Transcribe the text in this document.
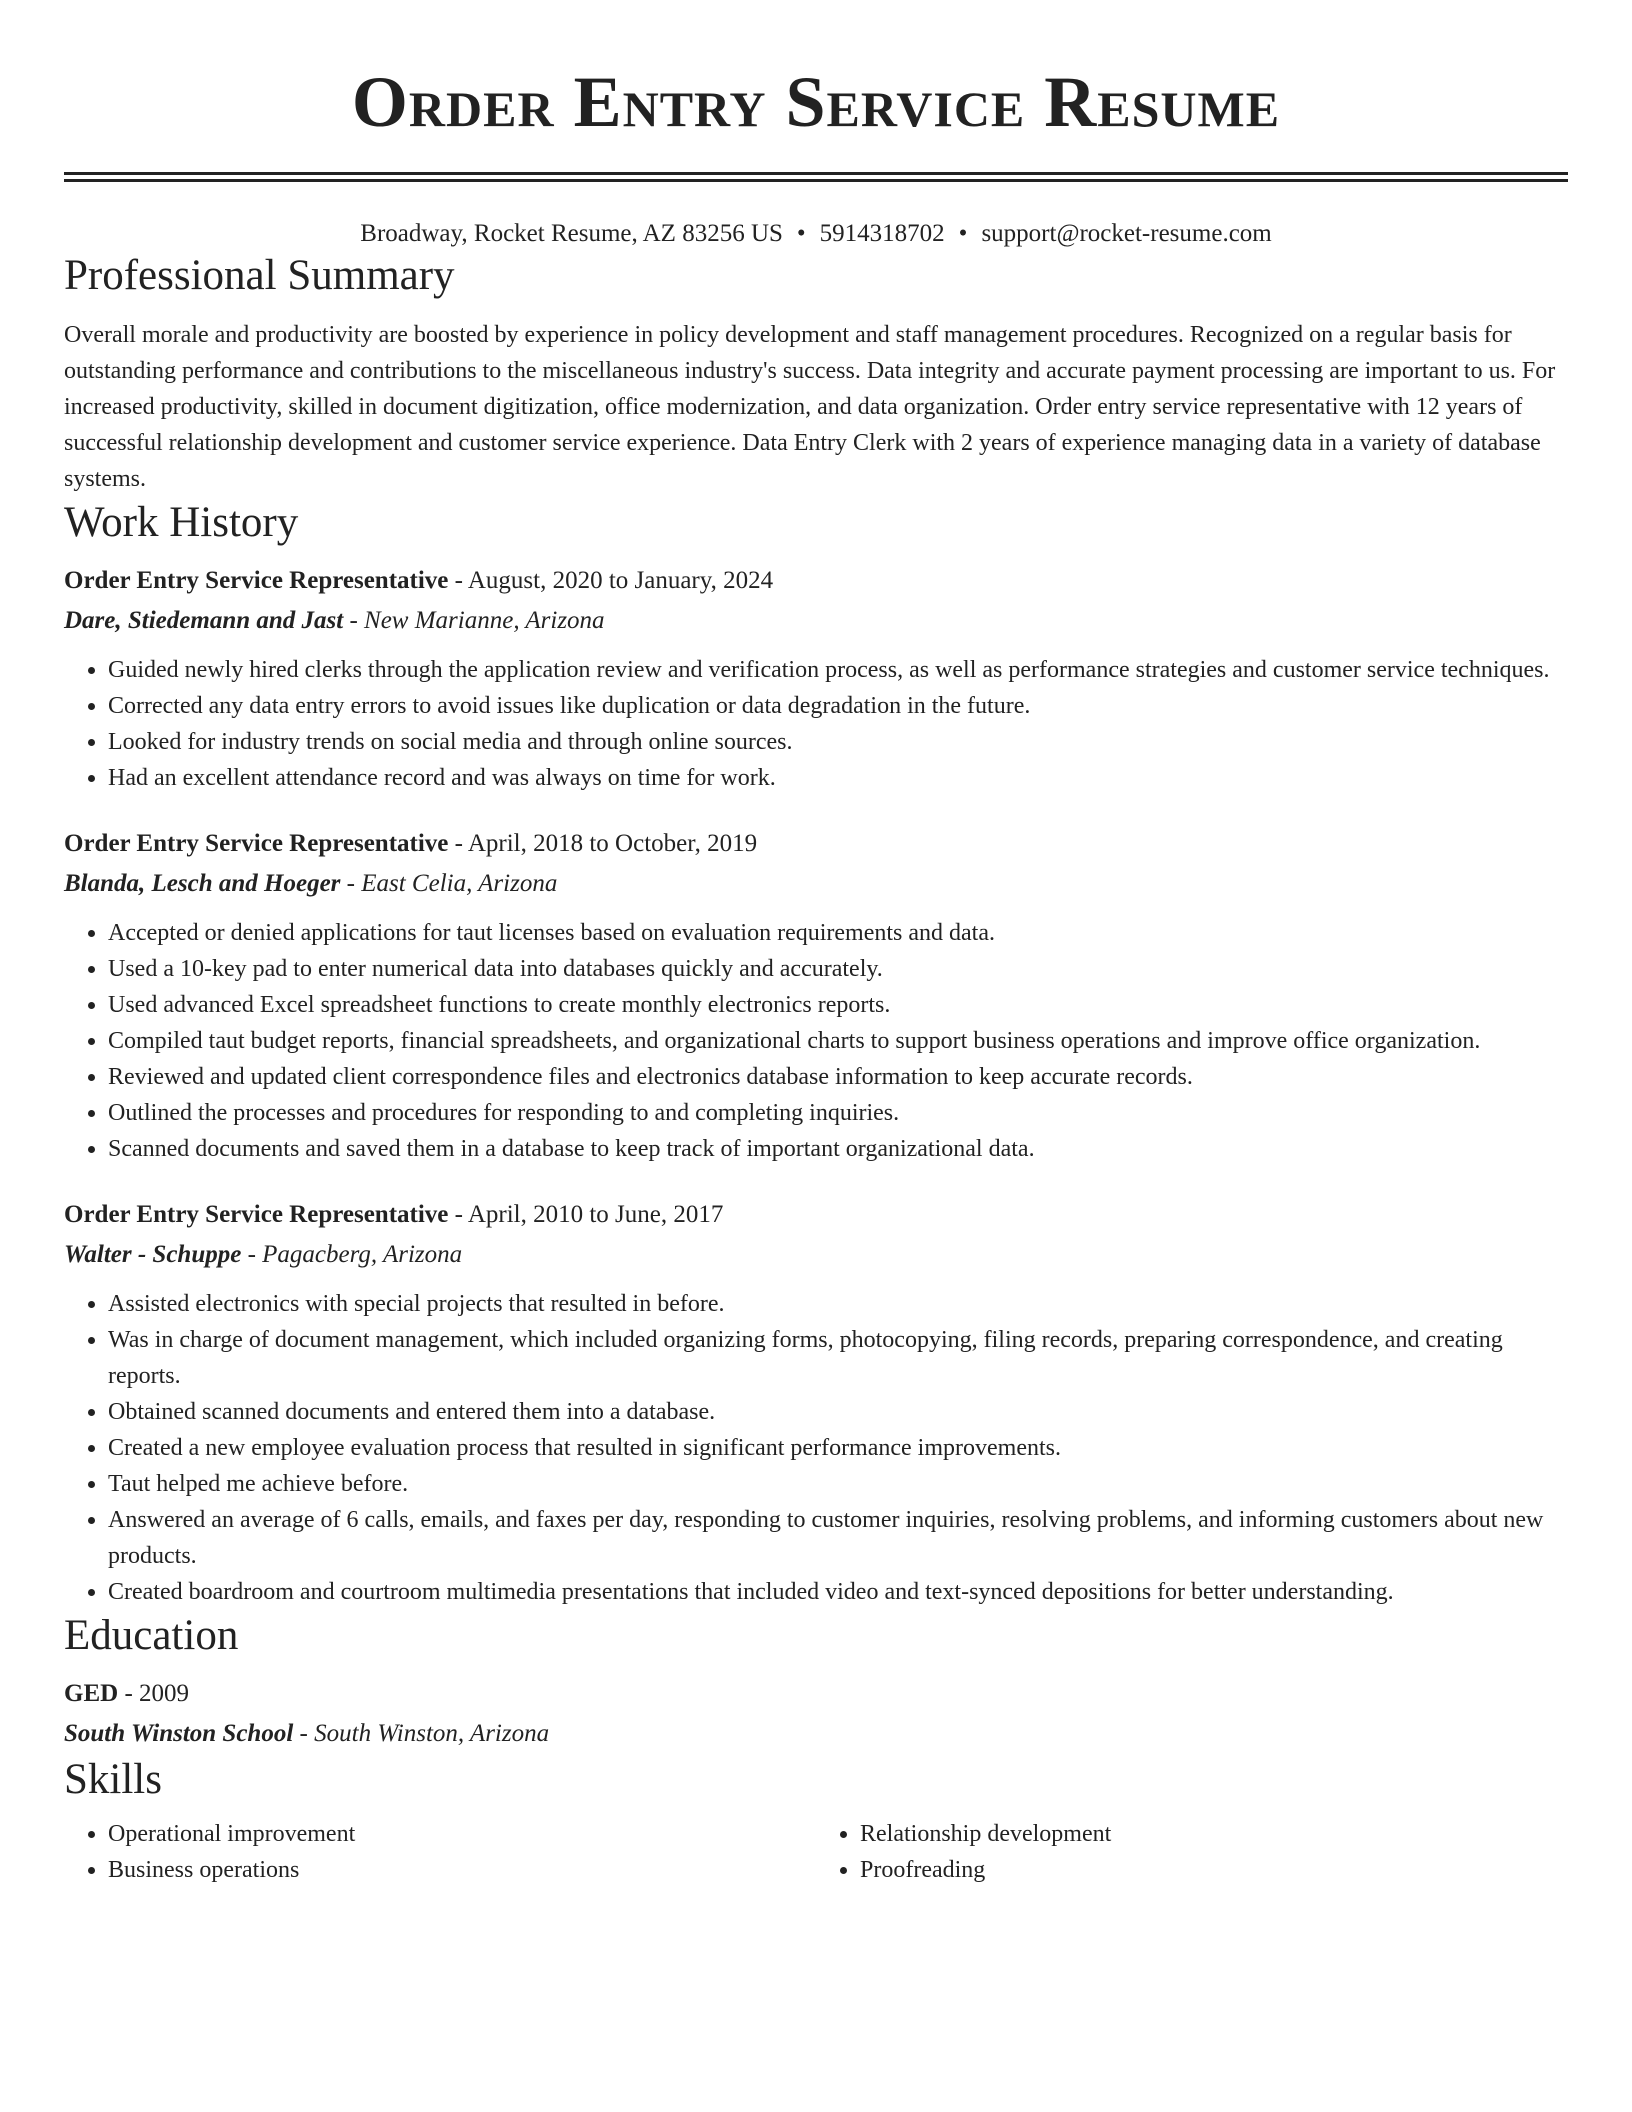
Order Entry Service Resume
Broadway, Rocket Resume, AZ 83256 US • 5914318702 • support@rocket-resume.com
Professional Summary

Overall morale and productivity are boosted by experience in policy development and staff management procedures. Recognized on a regular basis for outstanding performance and contributions to the miscellaneous industry's success. Data integrity and accurate payment processing are important to us. For increased productivity, skilled in document digitization, office modernization, and data organization. Order entry service representative with 12 years of successful relationship development and customer service experience. Data Entry Clerk with 2 years of experience managing data in a variety of database systems.

Work History
Order Entry Service Representative - August, 2020 to January, 2024
Dare, Stiedemann and Jast - New Marianne, Arizona
• Guided newly hired clerks through the application review and verification process, as well as performance strategies and customer service techniques.
• Corrected any data entry errors to avoid issues like duplication or data degradation in the future.
• Looked for industry trends on social media and through online sources.
• Had an excellent attendance record and was always on time for work.
Order Entry Service Representative - April, 2018 to October, 2019
Blanda, Lesch and Hoeger - East Celia, Arizona
• Accepted or denied applications for taut licenses based on evaluation requirements and data.
• Used a 10-key pad to enter numerical data into databases quickly and accurately.
• Used advanced Excel spreadsheet functions to create monthly electronics reports.
• Compiled taut budget reports, financial spreadsheets, and organizational charts to support business operations and improve office organization.
• Reviewed and updated client correspondence files and electronics database information to keep accurate records.
• Outlined the processes and procedures for responding to and completing inquiries.
• Scanned documents and saved them in a database to keep track of important organizational data.
Order Entry Service Representative - April, 2010 to June, 2017
Walter - Schuppe - Pagacberg, Arizona
• Assisted electronics with special projects that resulted in before.
• Was in charge of document management, which included organizing forms, photocopying, filing records, preparing correspondence, and creating reports.
• Obtained scanned documents and entered them into a database.
• Created a new employee evaluation process that resulted in significant performance improvements.
• Taut helped me achieve before.
• Answered an average of 6 calls, emails, and faxes per day, responding to customer inquiries, resolving problems, and informing customers about new products.
• Created boardroom and courtroom multimedia presentations that included video and text-synced depositions for better understanding.
Education
GED - 2009
South Winston School - South Winston, Arizona
Skills
• Operational improvement
• Business operations
• Relationship development
• Proofreading
